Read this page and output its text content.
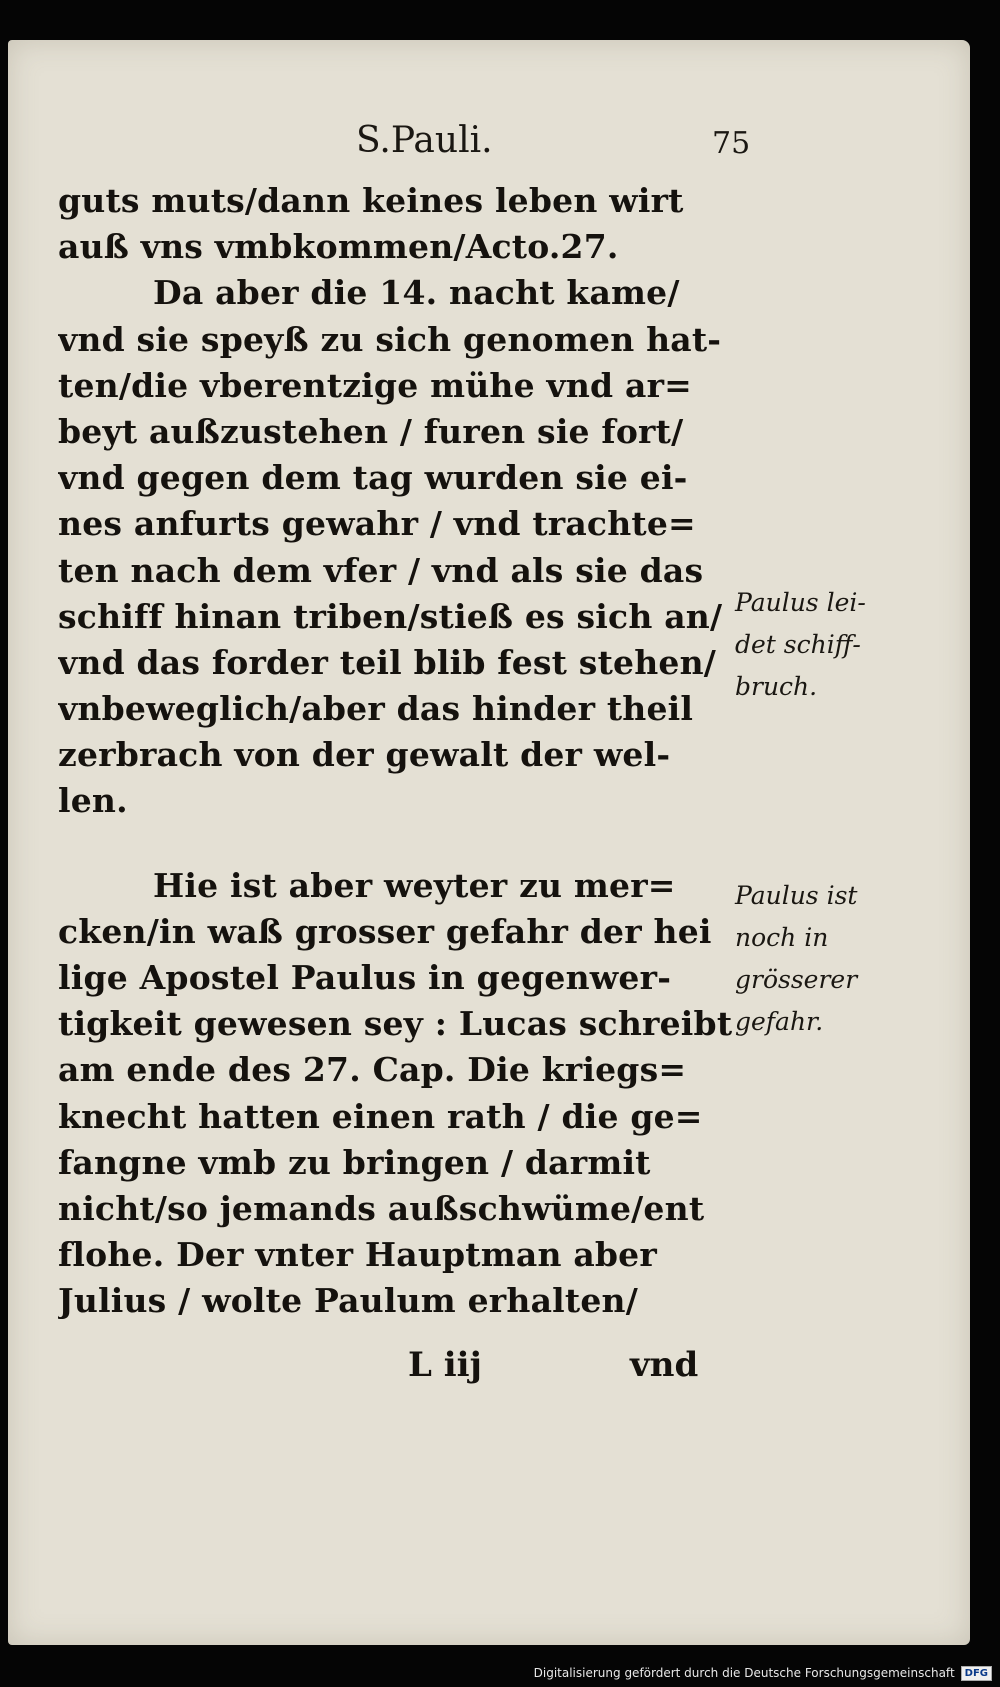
S.Pauli.	75
guts muts/dann keines leben wirt
auß vns vmbkommen/Acto.27.
Da aber die 14. nacht kame/
vnd sie speyß zu sich genomen hat-
ten/die vberentzige mühe vnd ar=
beyt außzustehen / furen sie fort/
vnd gegen dem tag wurden sie ei-
nes anfurts gewahr / vnd trachte=
ten nach dem vfer / vnd als sie das
schiff hinan triben/stieß es sich an/
vnd das forder teil blib fest stehen/
vnbeweglich/aber das hinder theil
zerbrach von der gewalt der wel-
len.
Hie ist aber weyter zu mer=
cken/in waß grosser gefahr der hei
lige Apostel Paulus in gegenwer-
tigkeit gewesen sey : Lucas schreibt
am ende des 27. Cap. Die kriegs=
knecht hatten einen rath / die ge=
fangne vmb zu bringen / darmit
nicht/so jemands außschwüme/ent
flohe. Der vnter Hauptman aber
Julius / wolte Paulum erhalten/
Paulus lei-
det schiff-
bruch.
Paulus ist
noch in
grösserer
gefahr.
L iij	vnd
Digitalisierung gefördert durch die Deutsche Forschungsgemeinschaft	DFG
